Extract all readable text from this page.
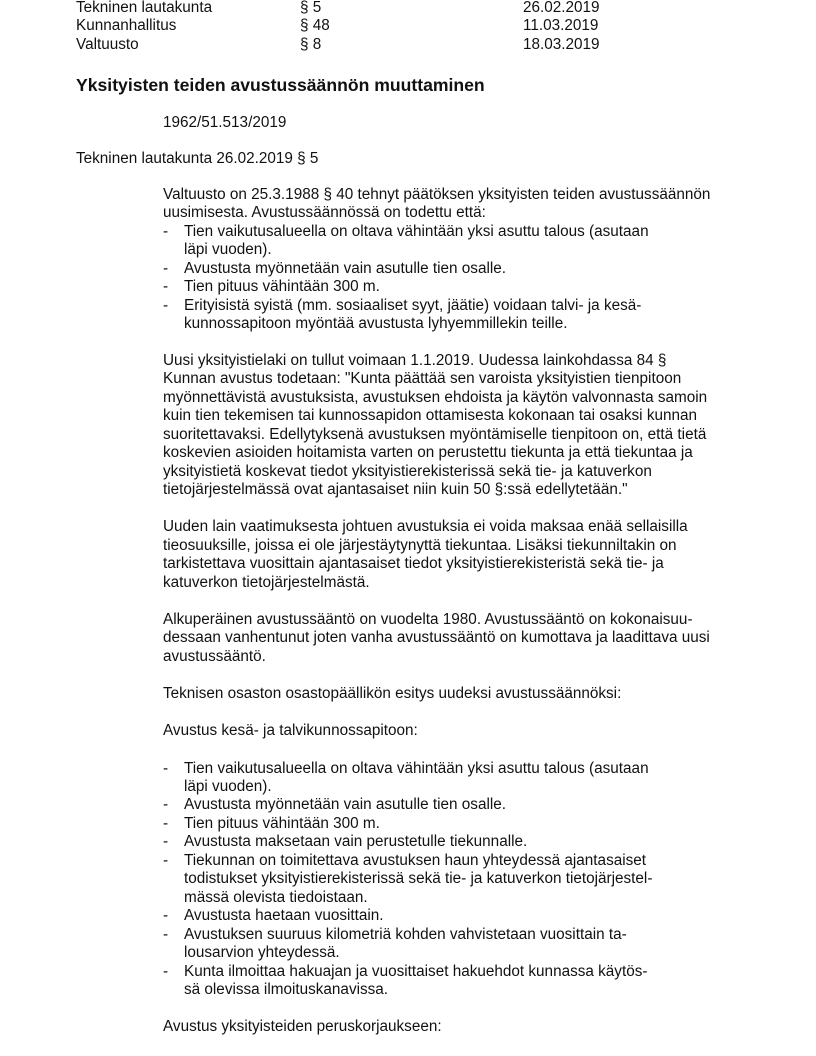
Tekninen lautakunta	§ 5	26.02.2019
Kunnanhallitus	§ 48	11.03.2019
Valtuusto	§ 8	18.03.2019
Yksityisten teiden avustussäännön muuttaminen
1962/51.513/2019
Tekninen lautakunta 26.02.2019 § 5
Valtuusto on 25.3.1988 § 40 tehnyt päätöksen yksityisten teiden avustussäännön
uusimisesta. Avustussäännössä on todettu että:
- Tien vaikutusalueella on oltava vähintään yksi asuttu talous (asutaan
läpi vuoden).
- Avustusta myönnetään vain asutulle tien osalle.
- Tien pituus vähintään 300 m.
- Erityisistä syistä (mm. sosiaaliset syyt, jäätie) voidaan talvi- ja kesä-
kunnossapitoon myöntää avustusta lyhyemmillekin teille.
Uusi yksityistielaki on tullut voimaan 1.1.2019. Uudessa lainkohdassa 84 §
Kunnan avustus todetaan: "Kunta päättää sen varoista yksityistien tienpitoon
myönnettävistä avustuksista, avustuksen ehdoista ja käytön valvonnasta samoin
kuin tien tekemisen tai kunnossapidon ottamisesta kokonaan tai osaksi kunnan
suoritettavaksi. Edellytyksenä avustuksen myöntämiselle tienpitoon on, että tietä
koskevien asioiden hoitamista varten on perustettu tiekunta ja että tiekuntaa ja
yksityistietä koskevat tiedot yksityistierekisterissä sekä tie- ja katuverkon
tietojärjestelmässä ovat ajantasaiset niin kuin 50 §:ssä edellytetään."
Uuden lain vaatimuksesta johtuen avustuksia ei voida maksaa enää sellaisilla
tieosuuksille, joissa ei ole järjestäytynyttä tiekuntaa. Lisäksi tiekunniltakin on
tarkistettava vuosittain ajantasaiset tiedot yksityistierekisteristä sekä tie- ja
katuverkon tietojärjestelmästä.
Alkuperäinen avustussääntö on vuodelta 1980. Avustussääntö on kokonaisuu-
dessaan vanhentunut joten vanha avustussääntö on kumottava ja laadittava uusi
avustussääntö.
Teknisen osaston osastopäällikön esitys uudeksi avustussäännöksi:
Avustus kesä- ja talvikunnossapitoon:
- Tien vaikutusalueella on oltava vähintään yksi asuttu talous (asutaan
läpi vuoden).
- Avustusta myönnetään vain asutulle tien osalle.
- Tien pituus vähintään 300 m.
- Avustusta maksetaan vain perustetulle tiekunnalle.
- Tiekunnan on toimitettava avustuksen haun yhteydessä ajantasaiset
todistukset yksityistierekisterissä sekä tie- ja katuverkon tietojärjestel-
mässä olevista tiedoistaan.
- Avustusta haetaan vuosittain.
- Avustuksen suuruus kilometriä kohden vahvistetaan vuosittain ta-
lousarvion yhteydessä.
- Kunta ilmoittaa hakuajan ja vuosittaiset hakuehdot kunnassa käytös-
sä olevissa ilmoituskanavissa.
Avustus yksityisteiden peruskorjaukseen:
